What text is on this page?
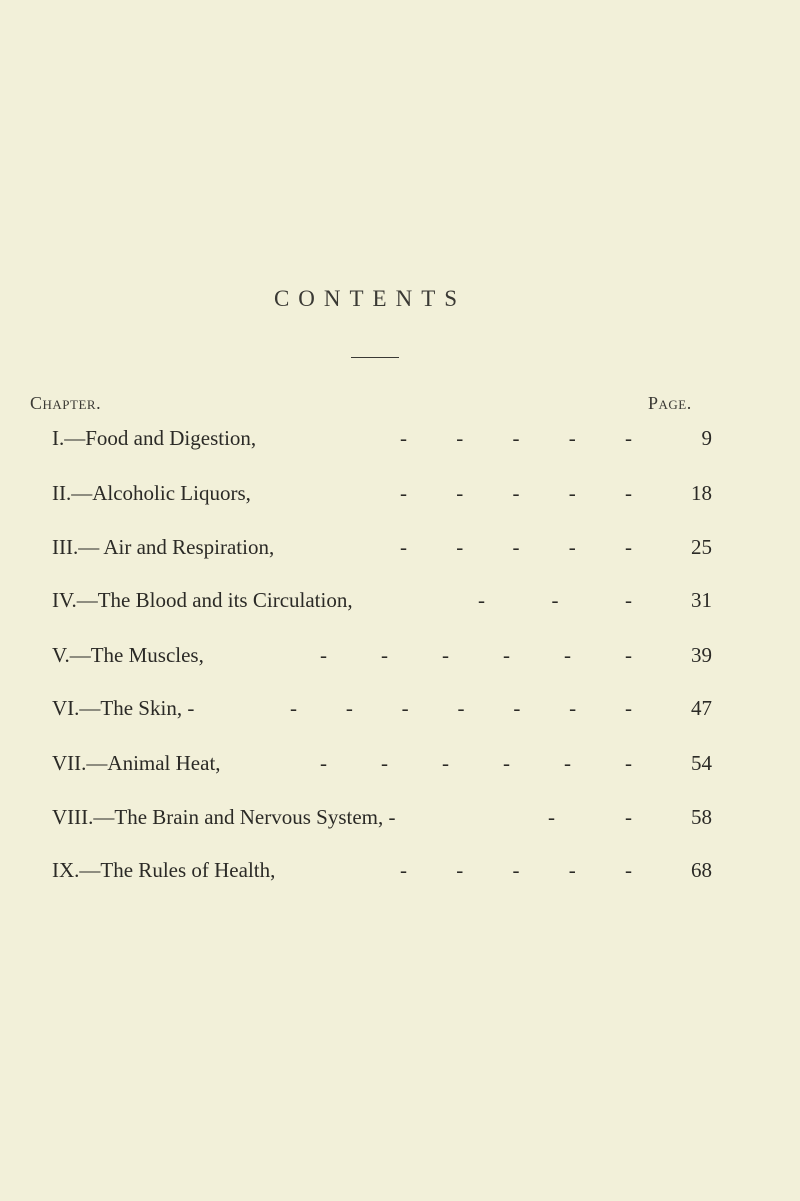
CONTENTS
Chapter.	Page.
I.—Food and Digestion,	- - - - -	9
II.—Alcoholic Liquors,	- - - - -	18
III.— Air and Respiration,	- - - - -	25
IV.—The Blood and its Circulation,	-	-	-	31
V.—The Muscles,	-	-	-	-	-	-	39
VI.—The Skin, -	- - - - - - -	47
VII.—Animal Heat,	-	-	-	-	-	-	54
VIII.—The Brain and Nervous System, -	-	-	58
IX.—The Rules of Health,	- - - - -	68
